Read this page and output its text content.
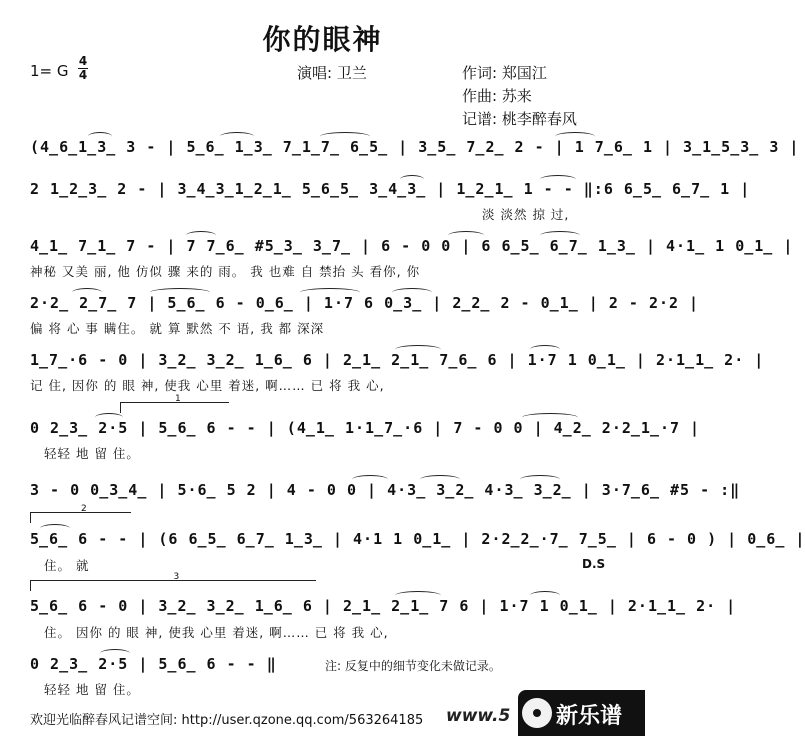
你的眼神
1= G
4
4	演唱: 卫兰	作词: 郑国江
作曲: 苏来
记谱: 桃李醉春风
(4̲6̲1̲3̲ 3 - | 5̲6̲ 1̲3̲ 7̲1̲7̲ 6̲5̲ | 3̲5̲ 7̲2̲ 2 - | 1 7̲6̲ 1 | 3̲1̲5̲3̲ 3 |
2 1̲2̲3̲ 2 - | 3̲4̲3̲1̲2̲1̲ 5̲6̲5̲ 3̲4̲3̲ | 1̲2̲1̲ 1 - - ‖:6 6̲5̲ 6̲7̲ 1 |
淡 淡然 掠 过,
4̲1̲ 7̲1̲ 7 - | 7 7̲6̲ #5̲3̲ 3̲7̲ | 6 - 0 0 | 6 6̲5̲ 6̲7̲ 1̲3̲ | 4·1̲ 1 0̲1̲ |
神秘 又美 丽, 他 仿似 骤 来的 雨。 我 也难 自 禁抬 头 看你, 你
2·2̲ 2̲7̲ 7 | 5̲6̲ 6 - 0̲6̲ | 1·7 6 0̲3̲ | 2̲2̲ 2 - 0̲1̲ | 2 - 2·2 |
偏 将 心 事 瞒住。 就 算 默然 不 语, 我 都 深深
1̲7̲·6 - 0 | 3̲2̲ 3̲2̲ 1̲6̲ 6 | 2̲1̲ 2̲1̲ 7̲6̲ 6 | 1·7 1 0̲1̲ | 2·1̲1̲ 2· |
记 住, 因你 的 眼 神, 使我 心里 着迷, 啊…… 已 将 我 心,
1
0 2̲3̲ 2·5 | 5̲6̲ 6 - - | (4̲1̲ 1·1̲7̲·6 | 7 - 0 0 | 4̲2̲ 2·2̲1̲·7 |
轻轻 地 留 住。
3 - 0 0̲3̲4̲ | 5·6̲ 5 2 | 4 - 0 0 | 4·3̲ 3̲2̲ 4·3̲ 3̲2̲ | 3·7̲6̲ #5 - :‖
2
5̲6̲ 6 - - | (6 6̲5̲ 6̲7̲ 1̲3̲ | 4·1 1 0̲1̲ | 2·2̲2̲·7̲ 7̲5̲ | 6 - 0 ) | 0̲6̲ |
住。 就	D.S
3
5̲6̲ 6 - 0 | 3̲2̲ 3̲2̲ 1̲6̲ 6 | 2̲1̲ 2̲1̲ 7 6 | 1·7 1 0̲1̲ | 2·1̲1̲ 2· |
住。 因你 的 眼 神, 使我 心里 着迷, 啊…… 已 将 我 心,
0 2̲3̲ 2·5 | 5̲6̲ 6 - - ‖
轻轻 地 留 住。
注: 反复中的细节变化未做记录。
欢迎光临醉春风记谱空间: http://user.qzone.qq.com/563264185 www.5 新乐谱
